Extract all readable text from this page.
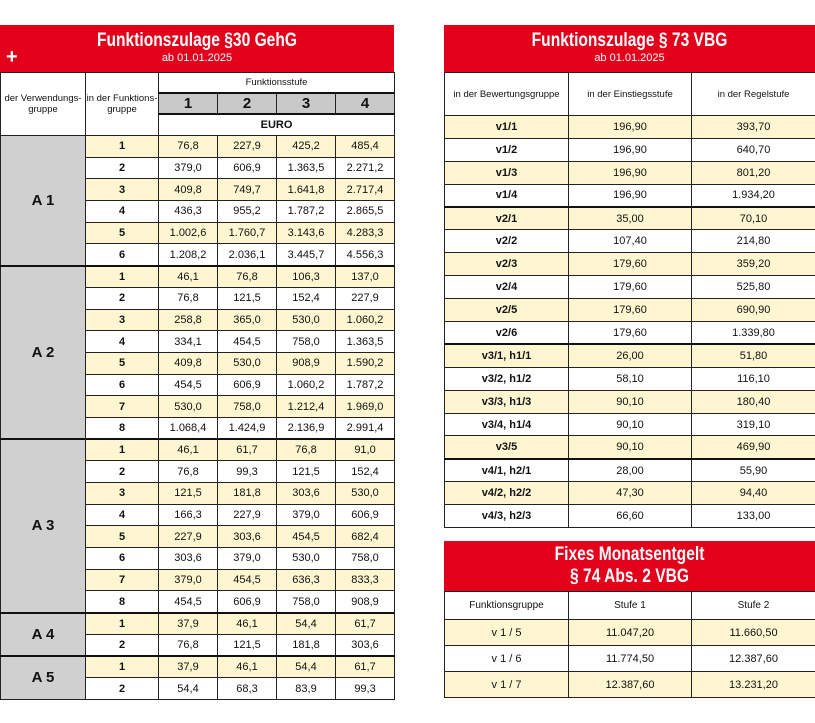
+
Funktionszulage §30 GehG
ab 01.01.2025
der Verwendungs-gruppe	in der Funktions-gruppe	Funktionsstufe			
		1	2	3	4
		EURO			
A 1	1	76,8	227,9	425,2	485,4
	2	379,0	606,9	1.363,5	2.271,2
	3	409,8	749,7	1.641,8	2.717,4
	4	436,3	955,2	1.787,2	2.865,5
	5	1.002,6	1.760,7	3.143,6	4.283,3
	6	1.208,2	2.036,1	3.445,7	4.556,3
A 2	1	46,1	76,8	106,3	137,0
	2	76,8	121,5	152,4	227,9
	3	258,8	365,0	530,0	1.060,2
	4	334,1	454,5	758,0	1.363,5
	5	409,8	530,0	908,9	1.590,2
	6	454,5	606,9	1.060,2	1.787,2
	7	530,0	758,0	1.212,4	1.969,0
	8	1.068,4	1.424,9	2.136,9	2.991,4
A 3	1	46,1	61,7	76,8	91,0
	2	76,8	99,3	121,5	152,4
	3	121,5	181,8	303,6	530,0
	4	166,3	227,9	379,0	606,9
	5	227,9	303,6	454,5	682,4
	6	303,6	379,0	530,0	758,0
	7	379,0	454,5	636,3	833,3
	8	454,5	606,9	758,0	908,9
A 4	1	37,9	46,1	54,4	61,7
	2	76,8	121,5	181,8	303,6
A 5	1	37,9	46,1	54,4	61,7
	2	54,4	68,3	83,9	99,3
Funktionszulage § 73 VBG
ab 01.01.2025
in der Bewertungsgruppe	in der Einstiegsstufe	in der Regelstufe
v1/1	196,90	393,70
v1/2	196,90	640,70
v1/3	196,90	801,20
v1/4	196,90	1.934,20
v2/1	35,00	70,10
v2/2	107,40	214,80
v2/3	179,60	359,20
v2/4	179,60	525,80
v2/5	179,60	690,90
v2/6	179,60	1.339,80
v3/1, h1/1	26,00	51,80
v3/2, h1/2	58,10	116,10
v3/3, h1/3	90,10	180,40
v3/4, h1/4	90,10	319,10
v3/5	90,10	469,90
v4/1, h2/1	28,00	55,90
v4/2, h2/2	47,30	94,40
v4/3, h2/3	66,60	133,00
Fixes Monatsentgelt
§ 74 Abs. 2 VBG
Funktionsgruppe	Stufe 1	Stufe 2
v 1 / 5	11.047,20	11.660,50
v 1 / 6	11.774,50	12.387,60
v 1 / 7	12.387,60	13.231,20
